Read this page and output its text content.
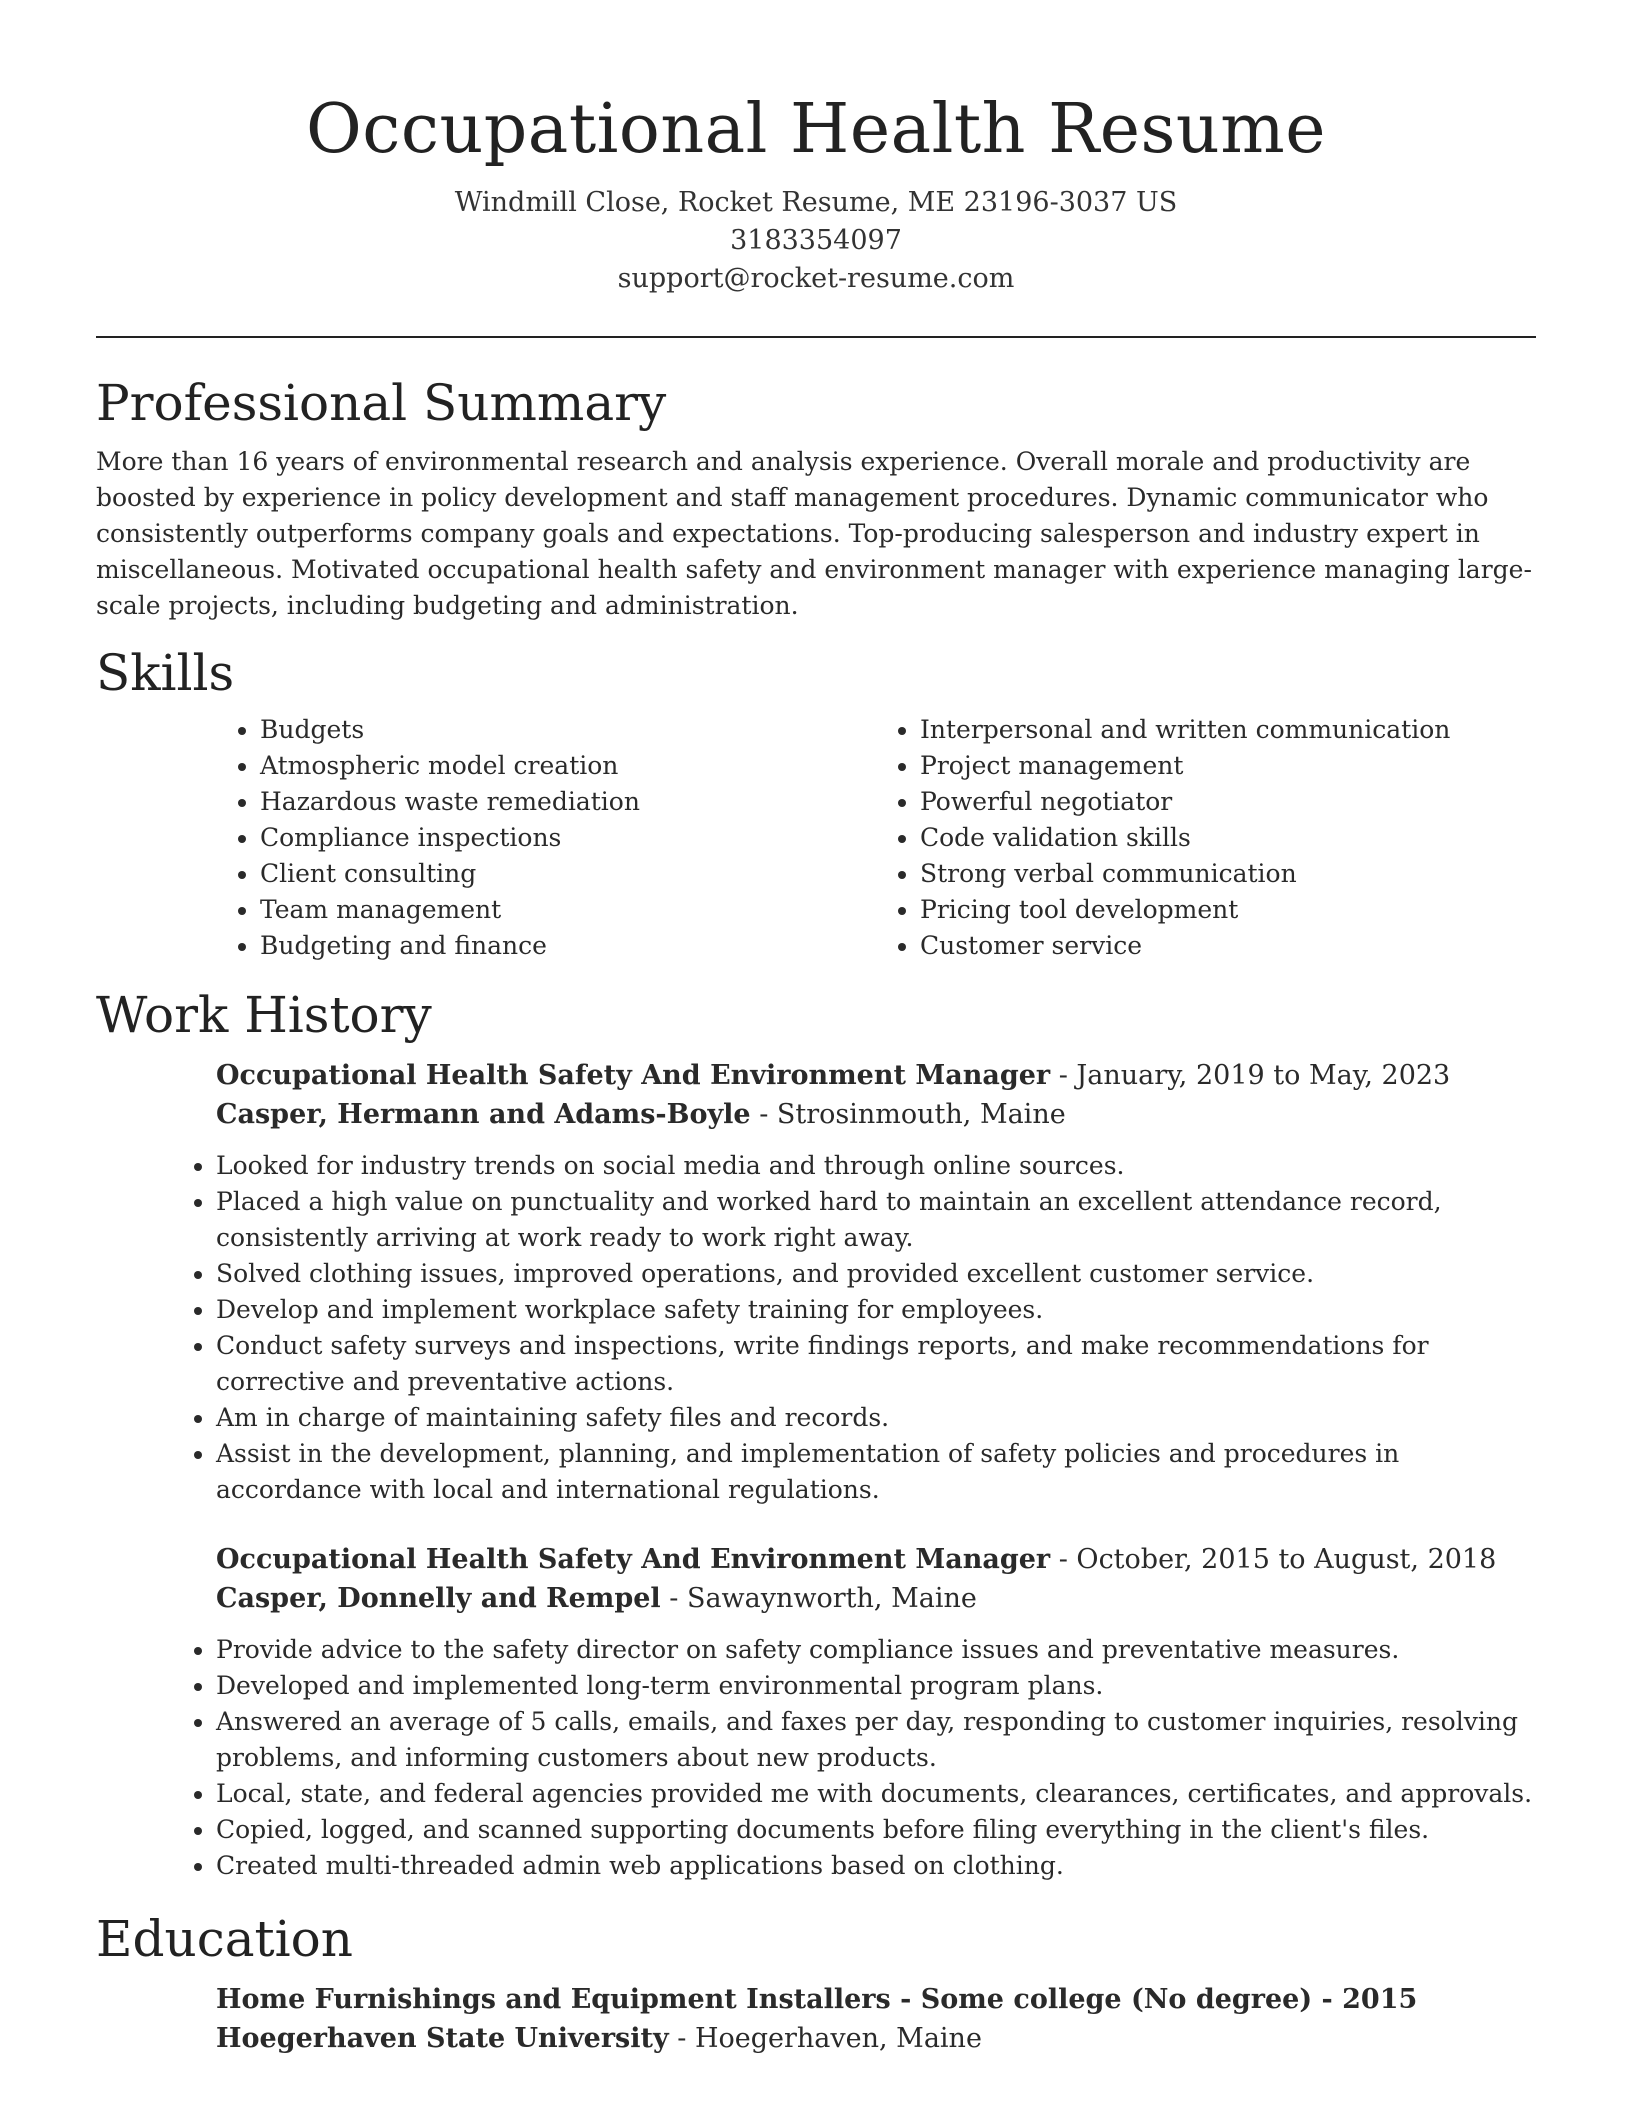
Occupational Health Resume
Windmill Close, Rocket Resume, ME 23196-3037 US
3183354097
support@rocket-resume.com
Professional Summary

More than 16 years of environmental research and analysis experience. Overall morale and productivity are boosted by experience in policy development and staff management procedures. Dynamic communicator who consistently outperforms company goals and expectations. Top-producing salesperson and industry expert in miscellaneous. Motivated occupational health safety and environment manager with experience managing large-scale projects, including budgeting and administration.

Skills
• Budgets
• Atmospheric model creation
• Hazardous waste remediation
• Compliance inspections
• Client consulting
• Team management
• Budgeting and finance
• Interpersonal and written communication
• Project management
• Powerful negotiator
• Code validation skills
• Strong verbal communication
• Pricing tool development
• Customer service
Work History
Occupational Health Safety And Environment Manager - January, 2019 to May, 2023
Casper, Hermann and Adams-Boyle - Strosinmouth, Maine
• Looked for industry trends on social media and through online sources.
• Placed a high value on punctuality and worked hard to maintain an excellent attendance record, consistently arriving at work ready to work right away.
• Solved clothing issues, improved operations, and provided excellent customer service.
• Develop and implement workplace safety training for employees.
• Conduct safety surveys and inspections, write findings reports, and make recommendations for corrective and preventative actions.
• Am in charge of maintaining safety files and records.
• Assist in the development, planning, and implementation of safety policies and procedures in accordance with local and international regulations.
Occupational Health Safety And Environment Manager - October, 2015 to August, 2018
Casper, Donnelly and Rempel - Sawaynworth, Maine
• Provide advice to the safety director on safety compliance issues and preventative measures.
• Developed and implemented long-term environmental program plans.
• Answered an average of 5 calls, emails, and faxes per day, responding to customer inquiries, resolving problems, and informing customers about new products.
• Local, state, and federal agencies provided me with documents, clearances, certificates, and approvals.
• Copied, logged, and scanned supporting documents before filing everything in the client's files.
• Created multi-threaded admin web applications based on clothing.
Education
Home Furnishings and Equipment Installers - Some college (No degree) - 2015
Hoegerhaven State University - Hoegerhaven, Maine
